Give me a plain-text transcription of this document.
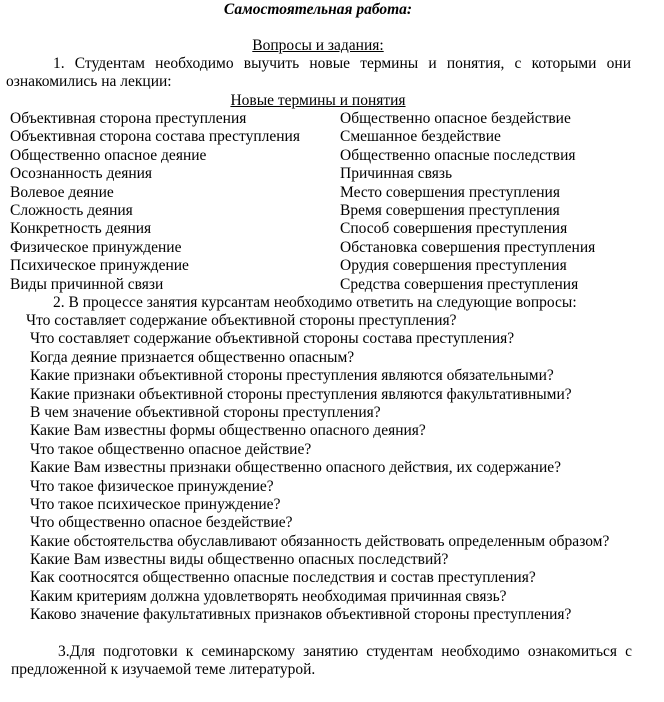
Самостоятельная работа:
Вопросы и задания:
1. Студентам необходимо выучить новые термины и понятия, с которыми они ознакомились на лекции:
Новые термины и понятия
Объективная сторона преступления	Общественно опасное бездействие
Объективная сторона состава преступления	Смешанное бездействие
Общественно опасное деяние	Общественно опасные последствия
Осознанность деяния	Причинная связь
Волевое деяние	Место совершения преступления
Сложность деяния	Время совершения преступления
Конкретность деяния	Способ совершения преступления
Физическое принуждение	Обстановка совершения преступления
Психическое принуждение	Орудия совершения преступления
Виды причинной связи	Средства совершения преступления
2. В процессе занятия курсантам необходимо ответить на следующие вопросы:
Что составляет содержание объективной стороны преступления?
Что составляет содержание объективной стороны состава преступления?
Когда деяние признается общественно опасным?
Какие признаки объективной стороны преступления являются обязательными?
Какие признаки объективной стороны преступления являются факультативными?
В чем значение объективной стороны преступления?
Какие Вам известны формы общественно опасного деяния?
Что такое общественно опасное действие?
Какие Вам известны признаки общественно опасного действия, их содержание?
Что такое физическое принуждение?
Что такое психическое принуждение?
Что общественно опасное бездействие?
Какие обстоятельства обуславливают обязанность действовать определенным образом?
Какие Вам известны виды общественно опасных последствий?
Как соотносятся общественно опасные последствия и состав преступления?
Каким критериям должна удовлетворять необходимая причинная связь?
Каково значение факультативных признаков объективной стороны преступления?
3.Для подготовки к семинарскому занятию студентам необходимо ознакомиться с предложенной к изучаемой теме литературой.
